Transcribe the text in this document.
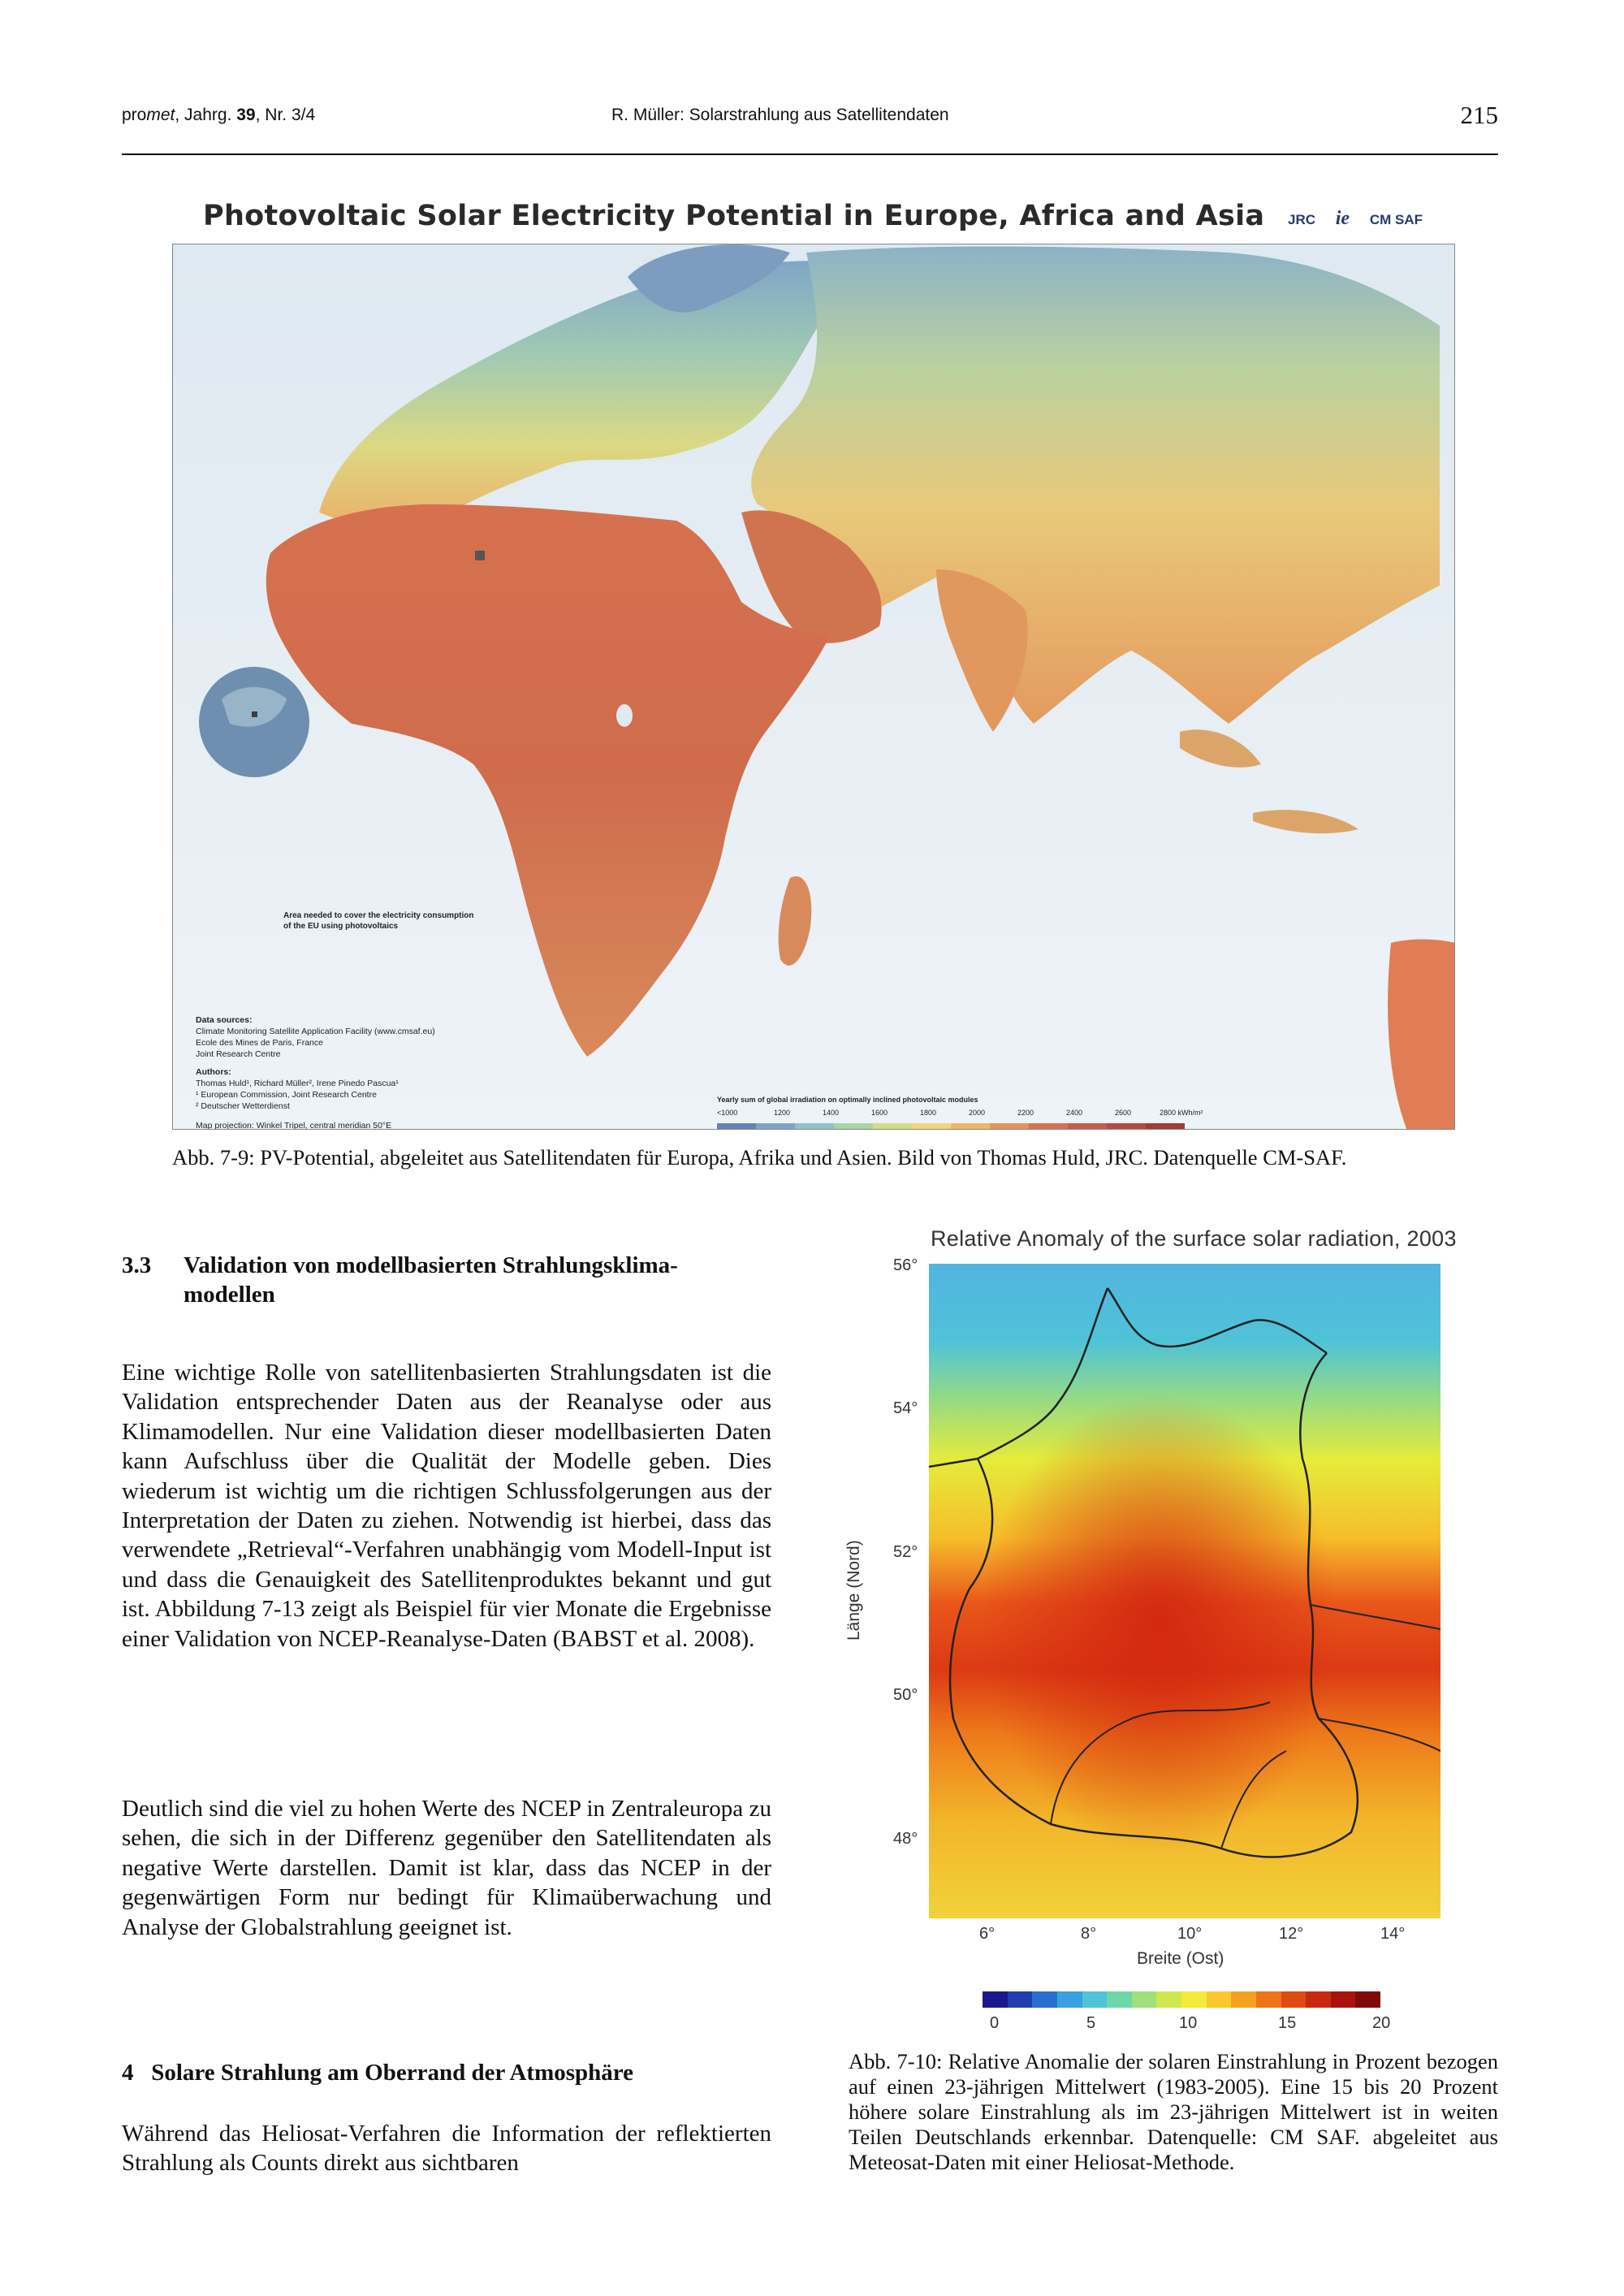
promet, Jahrg. 39, Nr. 3/4	R. Müller: Solarstrahlung aus Satellitendaten	215
Photovoltaic Solar Electricity Potential in Europe, Africa and Asia	JRC ie CM SAF
Area needed to cover the electricity consumption of the EU using photovoltaics
Data sources:
Climate Monitoring Satellite Application Facility (www.cmsaf.eu)
Ecole des Mines de Paris, France
Joint Research Centre
Authors:
Thomas Huld¹, Richard Müller², Irene Pinedo Pascua¹
¹ European Commission, Joint Research Centre
² Deutscher Wetterdienst
Map projection: Winkel Tripel, central meridian 50°E
Yearly sum of global irradiation on optimally inclined photovoltaic modules
<1000	1200	1400	1600	1800	2000	2200	2400	2600	2800 kWh/m²
Abb. 7-9: PV-Potential, abgeleitet aus Satellitendaten für Europa, Afrika und Asien. Bild von Thomas Huld, JRC. Datenquelle CM-SAF.
3.3 Validation von modellbasierten Strahlungsklima-modellen

Eine wichtige Rolle von satellitenbasierten Strahlungsdaten ist die Validation entsprechender Daten aus der Reanalyse oder aus Klimamodellen. Nur eine Validation dieser modellbasierten Daten kann Aufschluss über die Qualität der Modelle geben. Dies wiederum ist wichtig um die richtigen Schlussfolgerungen aus der Interpretation der Daten zu ziehen. Notwendig ist hierbei, dass das verwendete „Retrieval“-Verfahren unabhängig vom Modell-Input ist und dass die Genauigkeit des Satellitenproduktes bekannt und gut ist. Abbildung 7-13 zeigt als Beispiel für vier Monate die Ergebnisse einer Validation von NCEP-Reanalyse-Daten (BABST et al. 2008).

Deutlich sind die viel zu hohen Werte des NCEP in Zentraleuropa zu sehen, die sich in der Differenz gegenüber den Satellitendaten als negative Werte darstellen. Damit ist klar, dass das NCEP in der gegenwärtigen Form nur bedingt für Klimaüberwachung und Analyse der Globalstrahlung geeignet ist.

4 Solare Strahlung am Oberrand der Atmosphäre

Während das Heliosat-Verfahren die Information der reflektierten Strahlung als Counts direkt aus sichtbaren

Relative Anomaly of the surface solar radiation, 2003
56°
54°
52°
50°
48°
6°	8°	10°	12°	14°
Länge (Nord)
Breite (Ost)
0	5	10	15	20
Abb. 7-10: Relative Anomalie der solaren Einstrahlung in Prozent bezogen auf einen 23-jährigen Mittelwert (1983-2005). Eine 15 bis 20 Prozent höhere solare Einstrahlung als im 23-jährigen Mittelwert ist in weiten Teilen Deutschlands erkennbar. Datenquelle: CM SAF. abgeleitet aus Meteosat-Daten mit einer Heliosat-Methode.
